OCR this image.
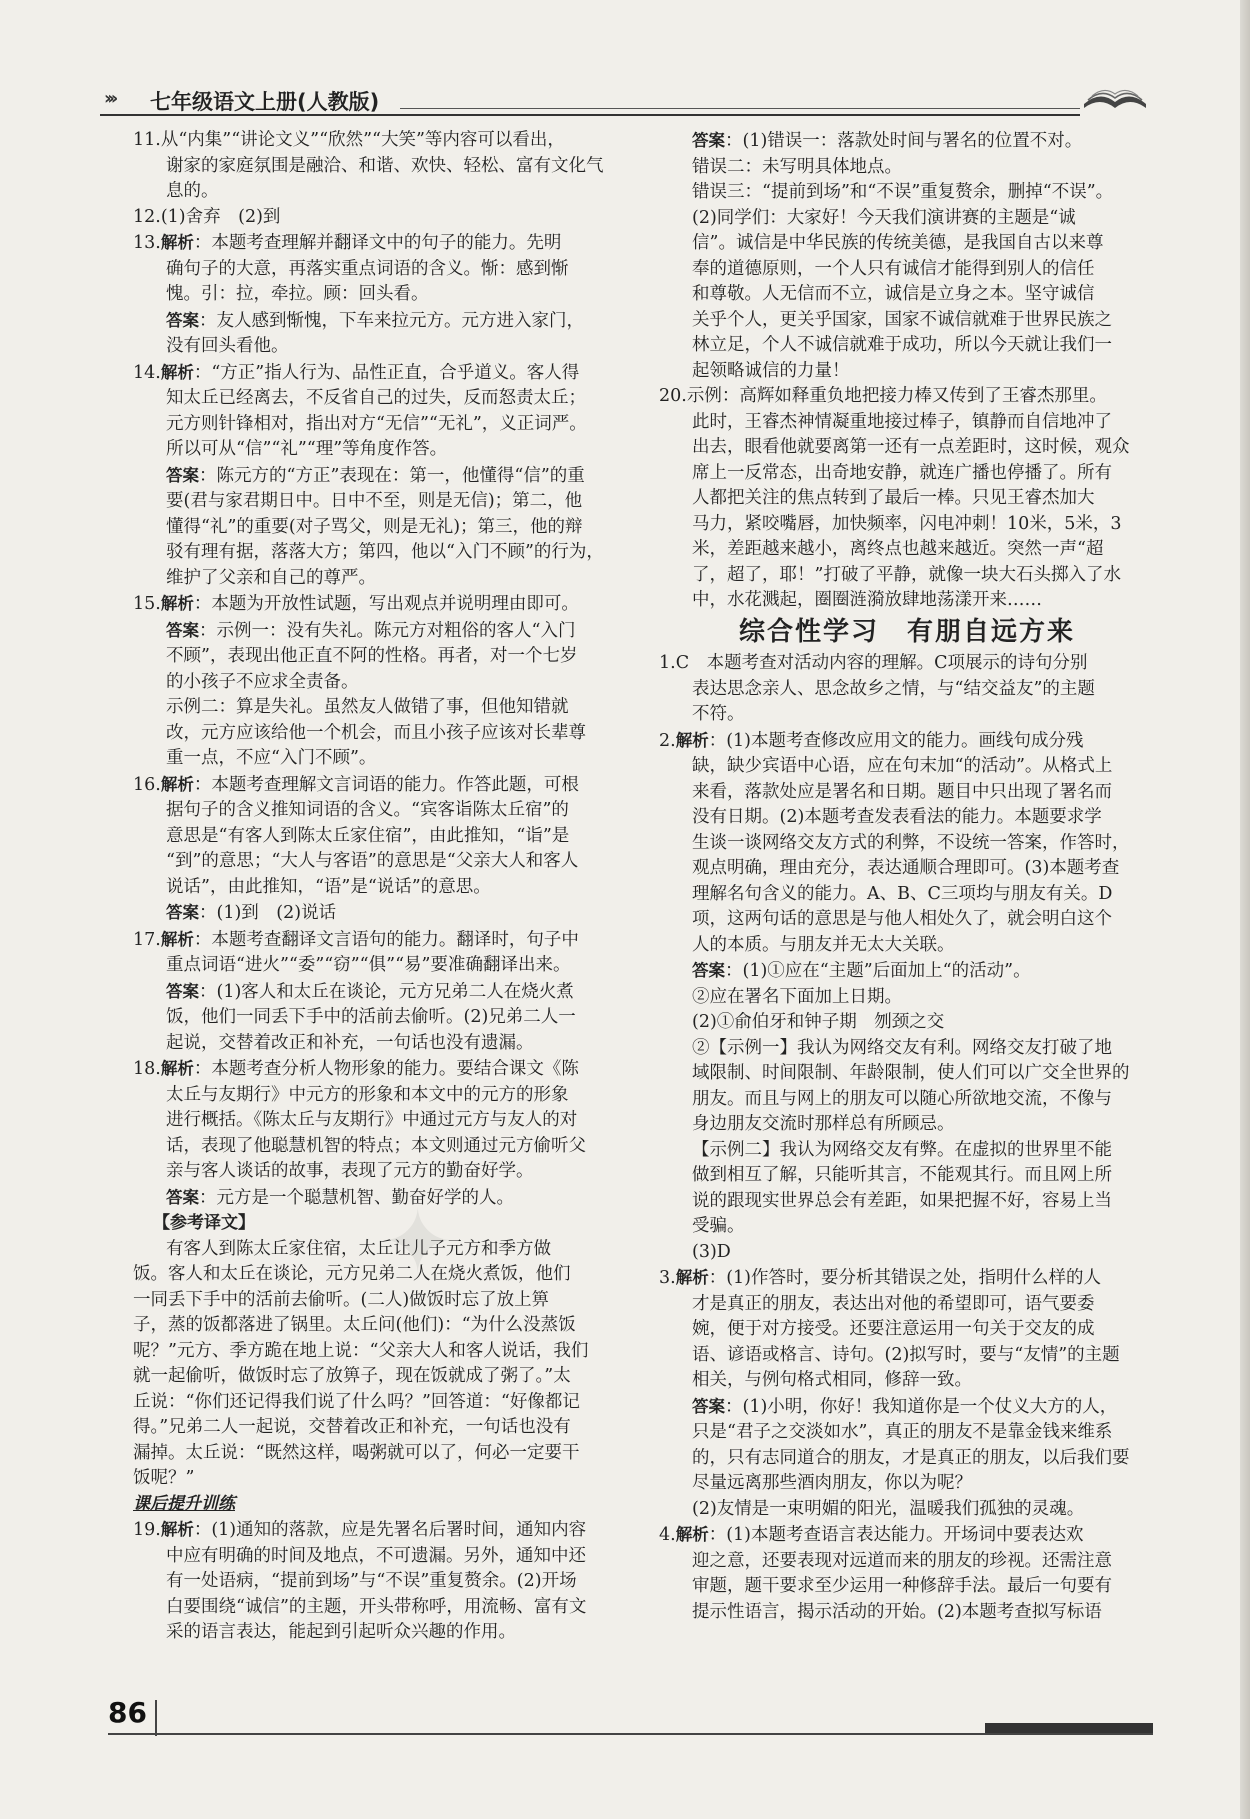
››› 七年级语文上册(人教版)
11.从“内集”“讲论文义”“欣然”“大笑”等内容可以看出，
谢家的家庭氛围是融洽、和谐、欢快、轻松、富有文化气
息的。
12.(1)舍弃　(2)到
13.解析：本题考查理解并翻译文中的句子的能力。先明
确句子的大意，再落实重点词语的含义。惭：感到惭
愧。引：拉，牵拉。顾：回头看。
答案：友人感到惭愧，下车来拉元方。元方进入家门，
没有回头看他。
14.解析：“方正”指人行为、品性正直，合乎道义。客人得
知太丘已经离去，不反省自己的过失，反而怒责太丘；
元方则针锋相对，指出对方“无信”“无礼”，义正词严。
所以可从“信”“礼”“理”等角度作答。
答案：陈元方的“方正”表现在：第一，他懂得“信”的重
要(君与家君期日中。日中不至，则是无信)；第二，他
懂得“礼”的重要(对子骂父，则是无礼)；第三，他的辩
驳有理有据，落落大方；第四，他以“入门不顾”的行为，
维护了父亲和自己的尊严。
15.解析：本题为开放性试题，写出观点并说明理由即可。
答案：示例一：没有失礼。陈元方对粗俗的客人“入门
不顾”，表现出他正直不阿的性格。再者，对一个七岁
的小孩子不应求全责备。
示例二：算是失礼。虽然友人做错了事，但他知错就
改，元方应该给他一个机会，而且小孩子应该对长辈尊
重一点，不应“入门不顾”。
16.解析：本题考查理解文言词语的能力。作答此题，可根
据句子的含义推知词语的含义。“宾客诣陈太丘宿”的
意思是“有客人到陈太丘家住宿”，由此推知，“诣”是
“到”的意思；“大人与客语”的意思是“父亲大人和客人
说话”，由此推知，“语”是“说话”的意思。
答案：(1)到　(2)说话
17.解析：本题考查翻译文言语句的能力。翻译时，句子中
重点词语“进火”“委”“窃”“俱”“易”要准确翻译出来。
答案：(1)客人和太丘在谈论，元方兄弟二人在烧火煮
饭，他们一同丢下手中的活前去偷听。(2)兄弟二人一
起说，交替着改正和补充，一句话也没有遗漏。
18.解析：本题考查分析人物形象的能力。要结合课文《陈
太丘与友期行》中元方的形象和本文中的元方的形象
进行概括。《陈太丘与友期行》中通过元方与友人的对
话，表现了他聪慧机智的特点；本文则通过元方偷听父
亲与客人谈话的故事，表现了元方的勤奋好学。
答案：元方是一个聪慧机智、勤奋好学的人。
【参考译文】
有客人到陈太丘家住宿，太丘让儿子元方和季方做
饭。客人和太丘在谈论，元方兄弟二人在烧火煮饭，他们
一同丢下手中的活前去偷听。(二人)做饭时忘了放上箅
子，蒸的饭都落进了锅里。太丘问(他们)：“为什么没蒸饭
呢？”元方、季方跪在地上说：“父亲大人和客人说话，我们
就一起偷听，做饭时忘了放箅子，现在饭就成了粥了。”太
丘说：“你们还记得我们说了什么吗？”回答道：“好像都记
得。”兄弟二人一起说，交替着改正和补充，一句话也没有
漏掉。太丘说：“既然这样，喝粥就可以了，何必一定要干
饭呢？”
课后提升训练
19.解析：(1)通知的落款，应是先署名后署时间，通知内容
中应有明确的时间及地点，不可遗漏。另外，通知中还
有一处语病，“提前到场”与“不误”重复赘余。(2)开场
白要围绕“诚信”的主题，开头带称呼，用流畅、富有文
采的语言表达，能起到引起听众兴趣的作用。
答案：(1)错误一：落款处时间与署名的位置不对。
错误二：未写明具体地点。
错误三：“提前到场”和“不误”重复赘余，删掉“不误”。
(2)同学们：大家好！今天我们演讲赛的主题是“诚
信”。诚信是中华民族的传统美德，是我国自古以来尊
奉的道德原则，一个人只有诚信才能得到别人的信任
和尊敬。人无信而不立，诚信是立身之本。坚守诚信
关乎个人，更关乎国家，国家不诚信就难于世界民族之
林立足，个人不诚信就难于成功，所以今天就让我们一
起领略诚信的力量！
20.示例：高辉如释重负地把接力棒又传到了王睿杰那里。
此时，王睿杰神情凝重地接过棒子，镇静而自信地冲了
出去，眼看他就要离第一还有一点差距时，这时候，观众
席上一反常态，出奇地安静，就连广播也停播了。所有
人都把关注的焦点转到了最后一棒。只见王睿杰加大
马力，紧咬嘴唇，加快频率，闪电冲刺！10米，5米，3
米，差距越来越小，离终点也越来越近。突然一声“超
了，超了，耶！”打破了平静，就像一块大石头掷入了水
中，水花溅起，圈圈涟漪放肆地荡漾开来……
综合性学习　有朋自远方来
1.C　本题考查对活动内容的理解。C项展示的诗句分别
表达思念亲人、思念故乡之情，与“结交益友”的主题
不符。
2.解析：(1)本题考查修改应用文的能力。画线句成分残
缺，缺少宾语中心语，应在句末加“的活动”。从格式上
来看，落款处应是署名和日期。题目中只出现了署名而
没有日期。(2)本题考查发表看法的能力。本题要求学
生谈一谈网络交友方式的利弊，不设统一答案，作答时，
观点明确，理由充分，表达通顺合理即可。(3)本题考查
理解名句含义的能力。A、B、C三项均与朋友有关。D
项，这两句话的意思是与他人相处久了，就会明白这个
人的本质。与朋友并无太大关联。
答案：(1)①应在“主题”后面加上“的活动”。
②应在署名下面加上日期。
(2)①俞伯牙和钟子期　刎颈之交
②【示例一】我认为网络交友有利。网络交友打破了地
域限制、时间限制、年龄限制，使人们可以广交全世界的
朋友。而且与网上的朋友可以随心所欲地交流，不像与
身边朋友交流时那样总有所顾忌。
【示例二】我认为网络交友有弊。在虚拟的世界里不能
做到相互了解，只能听其言，不能观其行。而且网上所
说的跟现实世界总会有差距，如果把握不好，容易上当
受骗。
(3)D
3.解析：(1)作答时，要分析其错误之处，指明什么样的人
才是真正的朋友，表达出对他的希望即可，语气要委
婉，便于对方接受。还要注意运用一句关于交友的成
语、谚语或格言、诗句。(2)拟写时，要与“友情”的主题
相关，与例句格式相同，修辞一致。
答案：(1)小明，你好！我知道你是一个仗义大方的人，
只是“君子之交淡如水”，真正的朋友不是靠金钱来维系
的，只有志同道合的朋友，才是真正的朋友，以后我们要
尽量远离那些酒肉朋友，你以为呢？
(2)友情是一束明媚的阳光，温暖我们孤独的灵魂。
4.解析：(1)本题考查语言表达能力。开场词中要表达欢
迎之意，还要表现对远道而来的朋友的珍视。还需注意
审题，题干要求至少运用一种修辞手法。最后一句要有
提示性语言，揭示活动的开始。(2)本题考查拟写标语
✦
86
